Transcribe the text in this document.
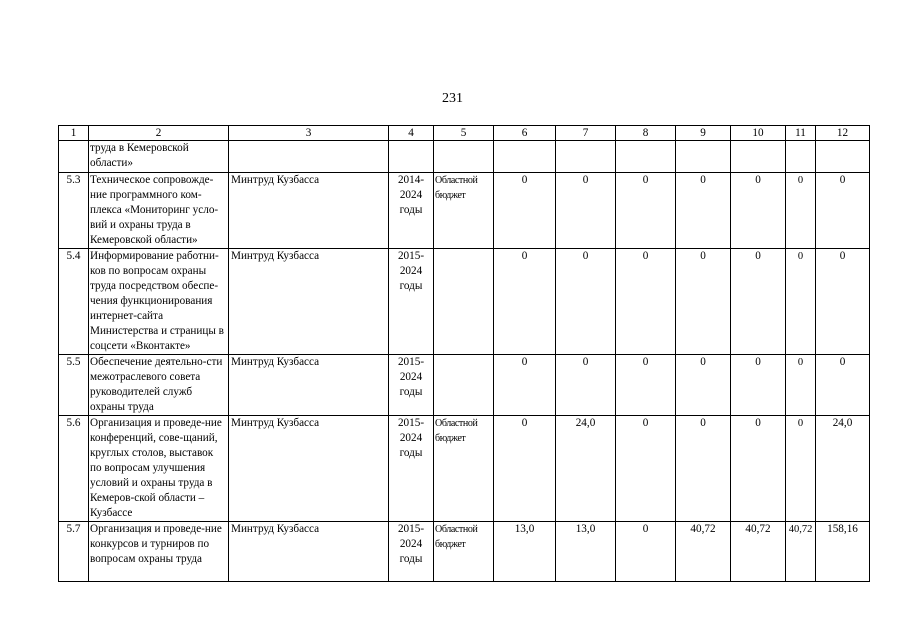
231
1	2	3	4	5	6	7	8	9	10	11	12
	труда в Кемеровской области»										
5.3	Техническое сопровожде-ние программного ком-плекса «Мониторинг усло-вий и охраны труда в Кемеровской области»	Минтруд Кузбасса	2014-2024 годы	Областной бюджет	0	0	0	0	0	0	0
5.4	Информирование работни-ков по вопросам охраны труда посредством обеспе-чения функционирования интернет-сайта Министерства и страницы в соцсети «Вконтакте»	Минтруд Кузбасса	2015-2024 годы		0	0	0	0	0	0	0
5.5	Обеспечение деятельно-сти межотраслевого совета руководителей служб охраны труда	Минтруд Кузбасса	2015-2024 годы		0	0	0	0	0	0	0
5.6	Организация и проведе-ние конференций, сове-щаний, круглых столов, выставок по вопросам улучшения условий и охраны труда в Кемеров-ской области – Кузбассе	Минтруд Кузбасса	2015-2024 годы	Областной бюджет	0	24,0	0	0	0	0	24,0
5.7	Организация и проведе-ние конкурсов и турниров по вопросам охраны труда	Минтруд Кузбасса	2015-2024 годы	Областной бюджет	13,0	13,0	0	40,72	40,72	40,72	158,16
